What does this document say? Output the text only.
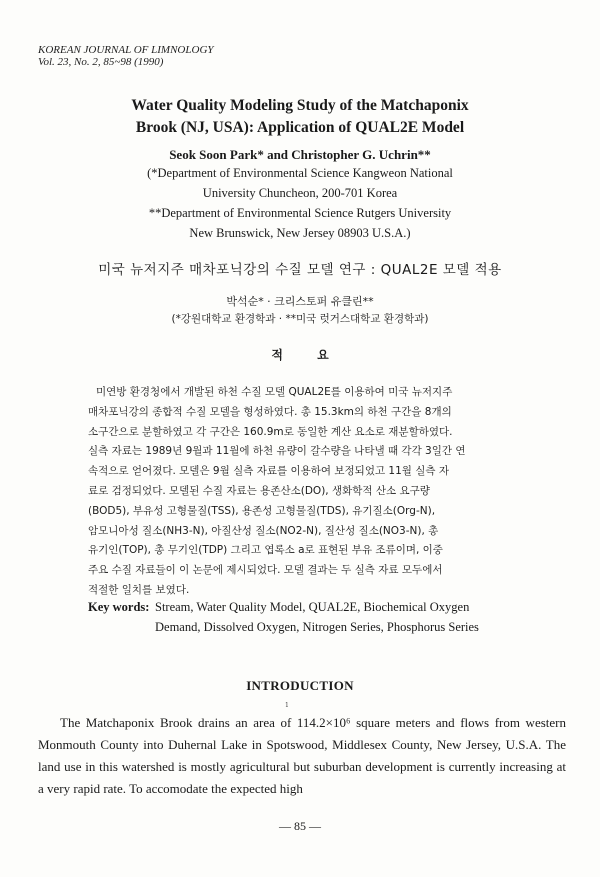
KOREAN JOURNAL OF LIMNOLOGY
Vol. 23, No. 2, 85~98 (1990)
Water Quality Modeling Study of the Matchaponix
Brook (NJ, USA): Application of QUAL2E Model
Seok Soon Park* and Christopher G. Uchrin**
(*Department of Environmental Science Kangweon National
University Chuncheon, 200-701 Korea
**Department of Environmental Science Rutgers University
New Brunswick, New Jersey 08903 U.S.A.)
미국 뉴저지주 매차포닉강의 수질 모델 연구 : QUAL2E 모델 적용
박석순* · 크리스토퍼 유클린**
(*강원대학교 환경학과 · **미국 럿거스대학교 환경학과)
적 요
미연방 환경청에서 개발된 하천 수질 모델 QUAL2E를 이용하여 미국 뉴저지주
매차포닉강의 종합적 수질 모델을 형성하였다. 총 15.3km의 하천 구간을 8개의
소구간으로 분할하였고 각 구간은 160.9m로 동일한 계산 요소로 재분할하였다.
실측 자료는 1989년 9월과 11월에 하천 유량이 갈수량을 나타낼 때 각각 3일간 연
속적으로 얻어졌다. 모델은 9월 실측 자료를 이용하여 보정되었고 11월 실측 자
료로 검정되었다. 모델된 수질 자료는 용존산소(DO), 생화학적 산소 요구량
(BOD5), 부유성 고형물질(TSS), 용존성 고형물질(TDS), 유기질소(Org-N),
암모니아성 질소(NH3-N), 아질산성 질소(NO2-N), 질산성 질소(NO3-N), 총
유기인(TOP), 총 무기인(TDP) 그리고 엽록소 a로 표현된 부유 조류이며, 이중
주요 수질 자료들이 이 논문에 제시되었다. 모델 결과는 두 실측 자료 모두에서
적절한 일치를 보였다.
Key words: Stream, Water Quality Model, QUAL2E, Biochemical Oxygen Demand, Dissolved Oxygen, Nitrogen Series, Phosphorus Series
INTRODUCTION
1
The Matchaponix Brook drains an area of 114.2×10⁶ square meters and flows from western Monmouth County into Duhernal Lake in Spotswood, Middlesex County, New Jersey, U.S.A. The land use in this watershed is mostly agricultural but suburban development is currently increasing at a very rapid rate. To accomodate the expected high
— 85 —
